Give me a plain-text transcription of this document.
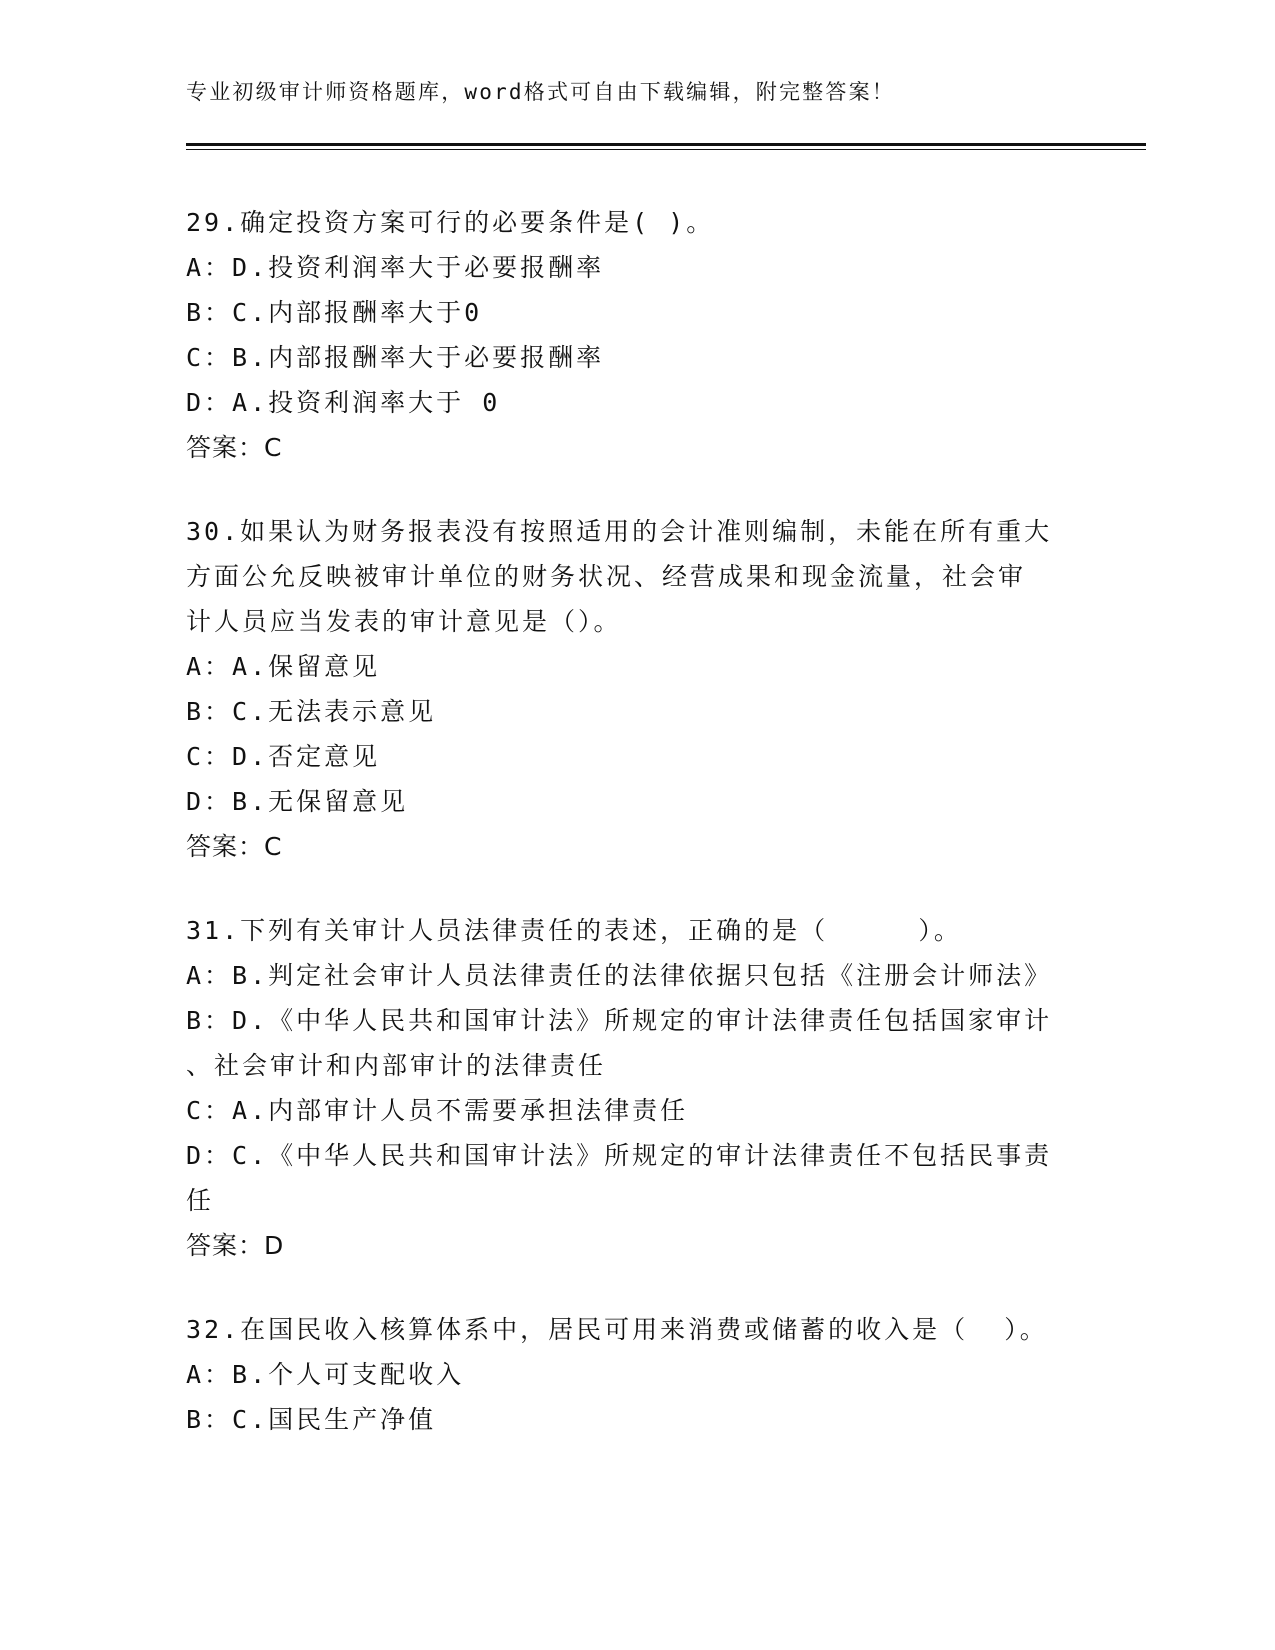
专业初级审计师资格题库，word格式可自由下载编辑，附完整答案！
29.确定投资方案可行的必要条件是( )。
A：D.投资利润率大于必要报酬率
B：C.内部报酬率大于0
C：B.内部报酬率大于必要报酬率
D：A.投资利润率大于 0
答案：C
30.如果认为财务报表没有按照适用的会计准则编制，未能在所有重大
方面公允反映被审计单位的财务状况、经营成果和现金流量，社会审
计人员应当发表的审计意见是（）。
A：A.保留意见
B：C.无法表示意见
C：D.否定意见
D：B.无保留意见
答案：C
31.下列有关审计人员法律责任的表述，正确的是（     ）。
A：B.判定社会审计人员法律责任的法律依据只包括《注册会计师法》
B：D.《中华人民共和国审计法》所规定的审计法律责任包括国家审计
、社会审计和内部审计的法律责任
C：A.内部审计人员不需要承担法律责任
D：C.《中华人民共和国审计法》所规定的审计法律责任不包括民事责
任
答案：D
32.在国民收入核算体系中，居民可用来消费或储蓄的收入是（  ）。
A：B.个人可支配收入
B：C.国民生产净值
